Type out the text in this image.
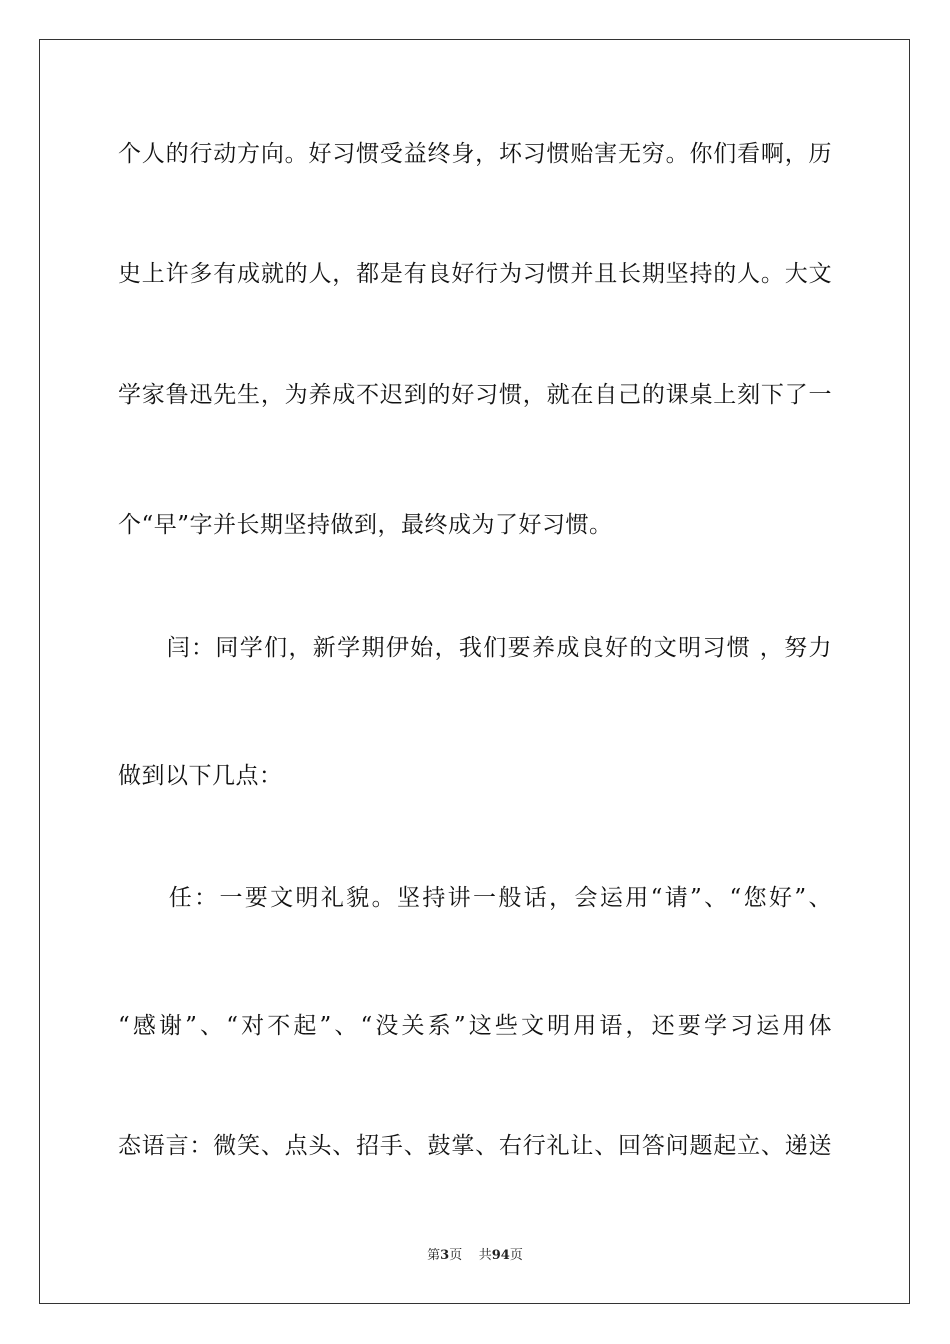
个人的行动方向。好习惯受益终身，坏习惯贻害无穷。你们看啊，历
史上许多有成就的人，都是有良好行为习惯并且长期坚持的人。大文
学家鲁迅先生，为养成不迟到的好习惯，就在自己的课桌上刻下了一
个“早”字并长期坚持做到，最终成为了好习惯。
　　闫：同学们，新学期伊始，我们要养成良好的文明习惯 ，努力
做到以下几点：
　　任：一要文明礼貌。坚持讲一般话，会运用“请”、“您好”、
“感谢”、“对不起”、“没关系”这些文明用语，还要学习运用体
态语言：微笑、点头、招手、鼓掌、右行礼让、回答问题起立、递送
第3页 共94页
